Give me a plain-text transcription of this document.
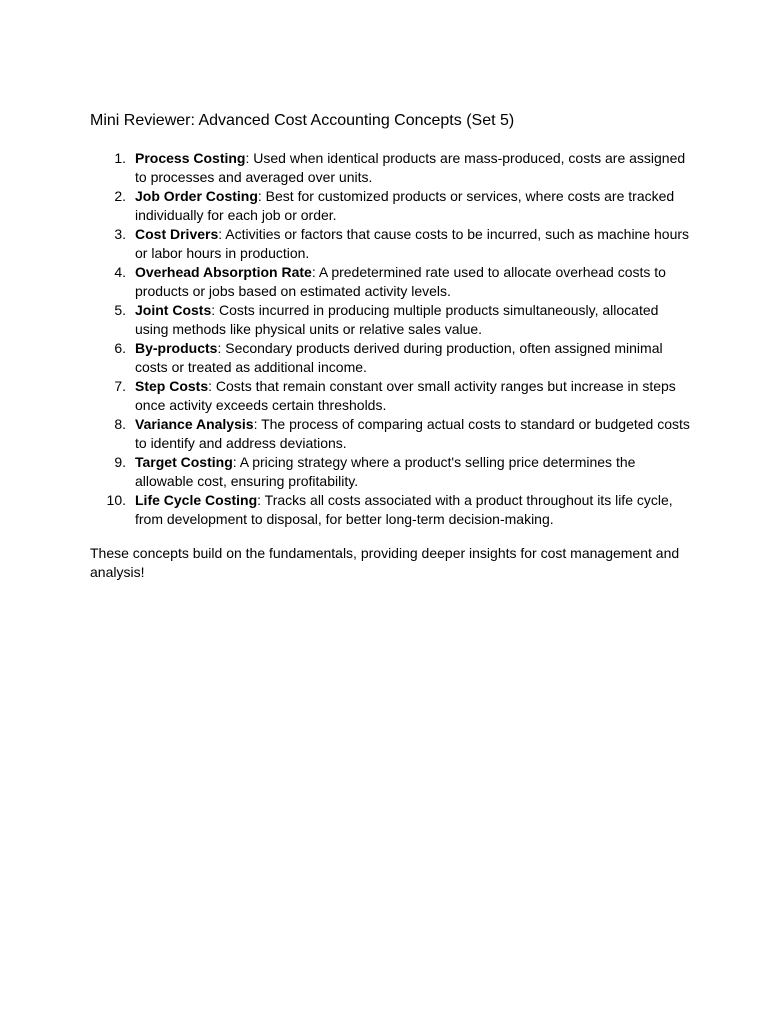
Mini Reviewer: Advanced Cost Accounting Concepts (Set 5)
1. Process Costing: Used when identical products are mass-produced, costs are assigned to processes and averaged over units.
2. Job Order Costing: Best for customized products or services, where costs are tracked individually for each job or order.
3. Cost Drivers: Activities or factors that cause costs to be incurred, such as machine hours or labor hours in production.
4. Overhead Absorption Rate: A predetermined rate used to allocate overhead costs to products or jobs based on estimated activity levels.
5. Joint Costs: Costs incurred in producing multiple products simultaneously, allocated using methods like physical units or relative sales value.
6. By-products: Secondary products derived during production, often assigned minimal costs or treated as additional income.
7. Step Costs: Costs that remain constant over small activity ranges but increase in steps once activity exceeds certain thresholds.
8. Variance Analysis: The process of comparing actual costs to standard or budgeted costs to identify and address deviations.
9. Target Costing: A pricing strategy where a product's selling price determines the allowable cost, ensuring profitability.
10. Life Cycle Costing: Tracks all costs associated with a product throughout its life cycle, from development to disposal, for better long-term decision-making.

These concepts build on the fundamentals, providing deeper insights for cost management and analysis!
